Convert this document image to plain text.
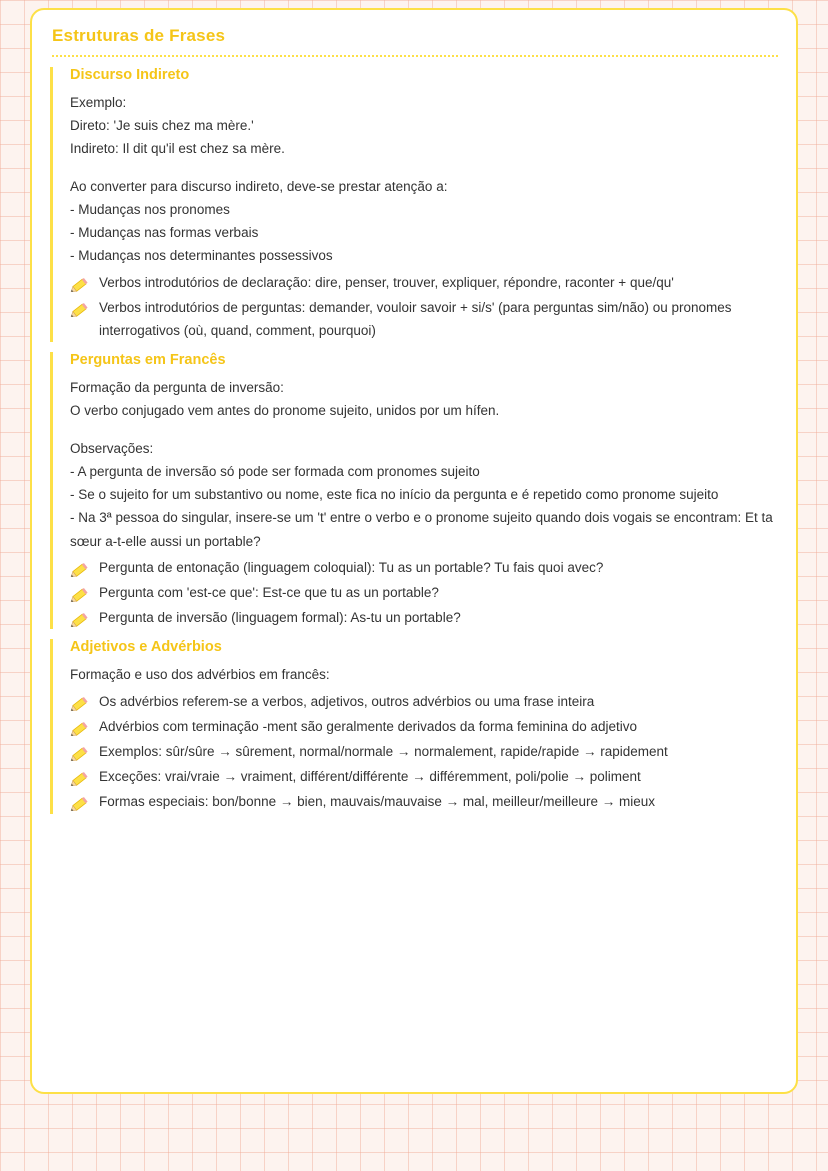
Estruturas de Frases
Discurso Indireto

Exemplo:

Direto: 'Je suis chez ma mère.'

Indireto: Il dit qu'il est chez sa mère.

Ao converter para discurso indireto, deve-se prestar atenção a:

- Mudanças nos pronomes

- Mudanças nas formas verbais

- Mudanças nos determinantes possessivos

Verbos introdutórios de declaração: dire, penser, trouver, expliquer, répondre, raconter + que/qu'
Verbos introdutórios de perguntas: demander, vouloir savoir + si/s' (para perguntas sim/não) ou pronomes interrogativos (où, quand, comment, pourquoi)
Perguntas em Francês

Formação da pergunta de inversão:

O verbo conjugado vem antes do pronome sujeito, unidos por um hífen.

Observações:

- A pergunta de inversão só pode ser formada com pronomes sujeito

- Se o sujeito for um substantivo ou nome, este fica no início da pergunta e é repetido como pronome sujeito

- Na 3ª pessoa do singular, insere-se um 't' entre o verbo e o pronome sujeito quando dois vogais se encontram: Et ta sœur a-t-elle aussi un portable?

Pergunta de entonação (linguagem coloquial): Tu as un portable? Tu fais quoi avec?
Pergunta com 'est-ce que': Est-ce que tu as un portable?
Pergunta de inversão (linguagem formal): As-tu un portable?
Adjetivos e Advérbios

Formação e uso dos advérbios em francês:

Os advérbios referem-se a verbos, adjetivos, outros advérbios ou uma frase inteira
Advérbios com terminação -ment são geralmente derivados da forma feminina do adjetivo
Exemplos: sûr/sûre → sûrement, normal/normale → normalement, rapide/rapide → rapidement
Exceções: vrai/vraie → vraiment, différent/différente → différemment, poli/polie → poliment
Formas especiais: bon/bonne → bien, mauvais/mauvaise → mal, meilleur/meilleure → mieux
